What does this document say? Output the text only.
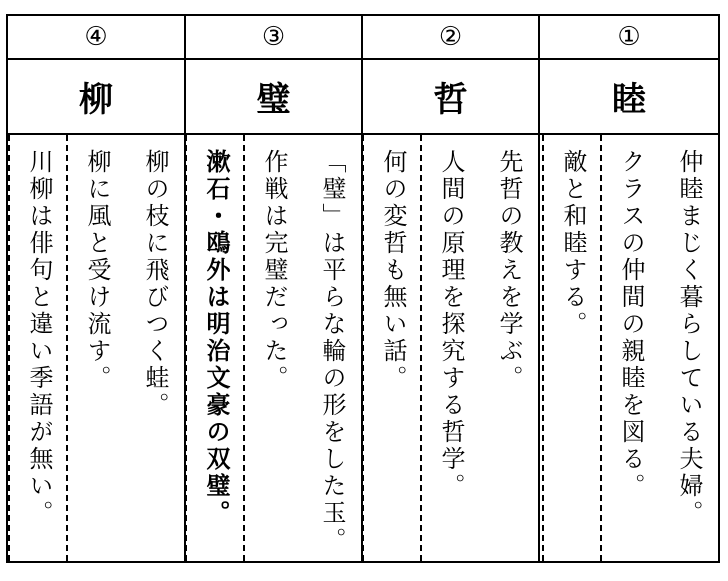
④
柳
柳の枝に飛びつく蛙。
柳に風と受け流す。
川柳は俳句と違い季語が無い。
③
璧
「璧」は平らな輪の形をした玉。
作戦は完璧だった。
漱石・鴎外は明治文豪の双璧。
②
哲
先哲の教えを学ぶ。
人間の原理を探究する哲学。
何の変哲も無い話。
①
睦
仲睦まじく暮らしている夫婦。
クラスの仲間の親睦を図る。
敵と和睦する。
